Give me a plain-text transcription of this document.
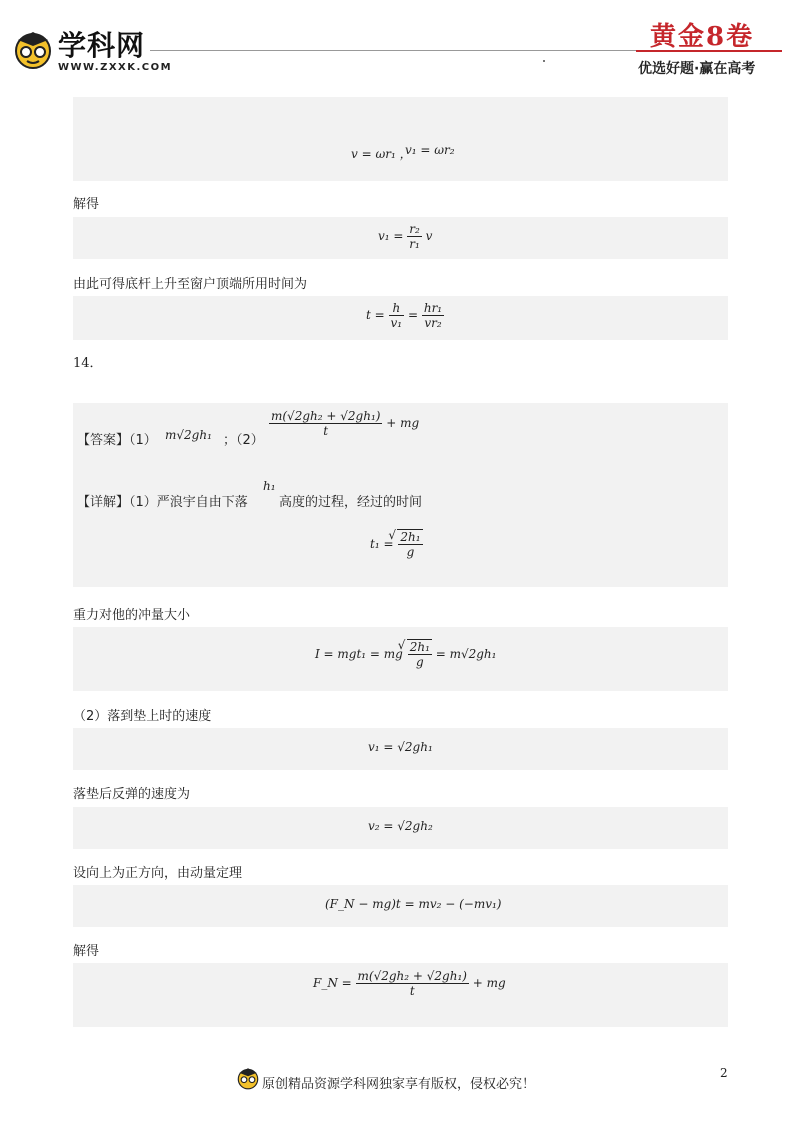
学科网
WWW.ZXXK.COM
黄金8卷
优选好题·赢在高考
v = ωr₁ ，
v₁ = ωr₂
解得
$v_1 = \frac{\text{r₂}}{\text{r₁}}$ v
由此可得底杆上升至窗户顶端所用时间为
$t = \frac{h}{\text{v₁}} = \frac{\text{hr₁}}{\text{vr₂}}$
14．
【答案】（1） m√2gh₁ ；（2）
$\frac{\text{m(√2gh₂ + √2gh₁)}}{t}$ + mg
【详解】（1）严浪宇自由下落
h₁
高度的过程，经过的时间
t₁ = √ $\frac{\text{2h₁}}{g}$
重力对他的冲量大小
I = mgt₁ = mg √ $\frac{\text{2h₁}}{g} = m√2gh_1$
（2）落到垫上时的速度
v₁ = √2gh₁
落垫后反弹的速度为
v₂ = √2gh₂
设向上为正方向，由动量定理
(F_N − mg)t = mv₂ − (−mv₁)
解得
F_N = $\frac{\text{m(√2gh₂ + √2gh₁)}}{t}$ + mg
原创精品资源学科网独家享有版权，侵权必究！
2
